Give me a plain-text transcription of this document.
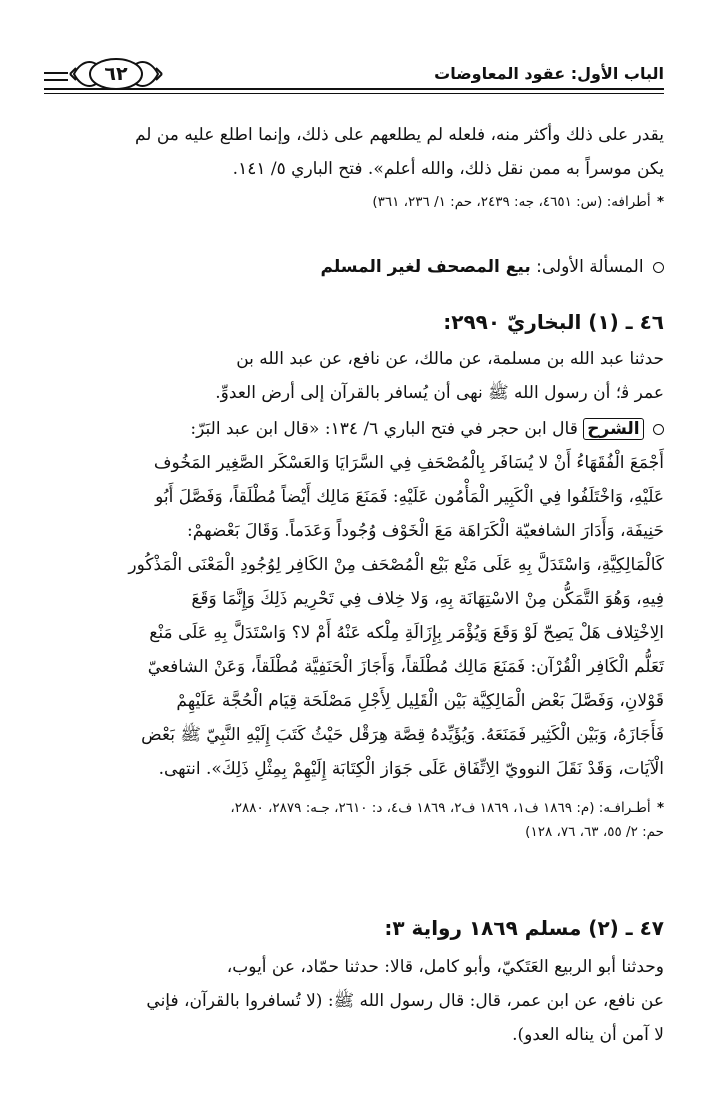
الباب الأول: عقود المعاوضات
٦٢

يقدر على ذلك وأكثر منه، فلعله لم يطلعهم على ذلك، وإنما اطلع عليه من لم

يكن موسراً به ممن نقل ذلك، والله أعلم». فتح الباري ٥/ ١٤١.

* أطرافه: (س: ٤٦٥١، جه: ٢٤٣٩، حم: ١/ ٢٣٦، ٣٦١)

المسألة الأولى: بيع المصحف لغير المسلم

٤٦ ـ (١) البخاريّ ٢٩٩٠:

حدثنا عبد الله بن مسلمة، عن مالك، عن نافع، عن عبد الله بن

عمر ﭬ؛ أن رسول الله ﷺ نهى أن يُسافر بالقرآن إلى أرض العدوِّ.

الشرح قال ابن حجر في فتح الباري ٦/ ١٣٤: «قال ابن عبد البَرّ:

أَجْمَعَ الْفُقَهَاءُ أَنْ لا يُسَافَر بِالْمُصْحَفِ فِي السَّرَايَا وَالعَسْكَر الصَّغِير المَخُوف

عَلَيْهِ، وَاخْتَلَفُوا فِي الْكَبِير الْمَأْمُون عَلَيْهِ: فَمَنَعَ مَالِك أَيْضاً مُطْلَقاً، وَفَصَّلَ أَبُو

حَنِيفَة، وَأَدَارَ الشافعيّة الْكَرَاهَة مَعَ الْخَوْف وُجُوداً وَعَدَماً. وَقَالَ بَعْضهمْ:

كَالْمَالِكِيَّةِ، وَاسْتَدَلَّ بِهِ عَلَى مَنْع بَيْع الْمُصْحَف مِنْ الكَافِر لِوُجُودِ الْمَعْنَى الْمَذْكُور

فِيهِ، وَهُوَ التَّمَكُّن مِنْ الاسْتِهَانَة بِهِ، وَلا خِلاف فِي تَحْرِيم ذَلِكَ وَإِنَّمَا وَقَعَ

الِاخْتِلاف هَلْ يَصِحّ لَوْ وَقَعَ وَيُؤْمَر بِإِزَالَةِ مِلْكه عَنْهُ أَمْ لا؟ وَاسْتَدَلَّ بِهِ عَلَى مَنْع

تَعَلُّم الْكَافِر الْقُرْآن: فَمَنَعَ مَالِك مُطْلَقاً، وَأَجَازَ الْحَنَفِيَّة مُطْلَقاً، وَعَنْ الشافعيّ

قَوْلانِ، وَفَصَّلَ بَعْض الْمَالِكِيَّة بَيْن الْقَلِيل لِأَجْلِ مَصْلَحَة قِيَام الْحُجَّة عَلَيْهِمْ

فَأَجَازَهُ، وَبَيْن الْكَثِير فَمَنَعَهُ. وَيُؤَيِّدهُ قِصَّة هِرَقْل حَيْثُ كَتَبَ إِلَيْهِ النَّبِيّ ﷺ بَعْض

الْآيَات، وَقَدْ نَقَلَ النوويّ الِاتِّفَاق عَلَى جَوَاز الْكِتَابَة إِلَيْهِمْ بِمِثْلِ ذَلِكَ». انتهى.

* أطـرافـه: (م: ١٨٦٩ ف١، ١٨٦٩ ف٢، ١٨٦٩ ف٤، د: ٢٦١٠، جـه: ٢٨٧٩، ٢٨٨٠،

حم: ٢/ ٥٥، ٦٣، ٧٦، ١٢٨)

٤٧ ـ (٢) مسلم ١٨٦٩ رواية ٣:

وحدثنا أبو الربيع العَتَكيّ، وأبو كامل، قالا: حدثنا حمّاد، عن أيوب،

عن نافع، عن ابن عمر، قال: قال رسول الله ﷺ: (لا تُسافروا بالقرآن، فإني

لا آمن أن يناله العدو).
